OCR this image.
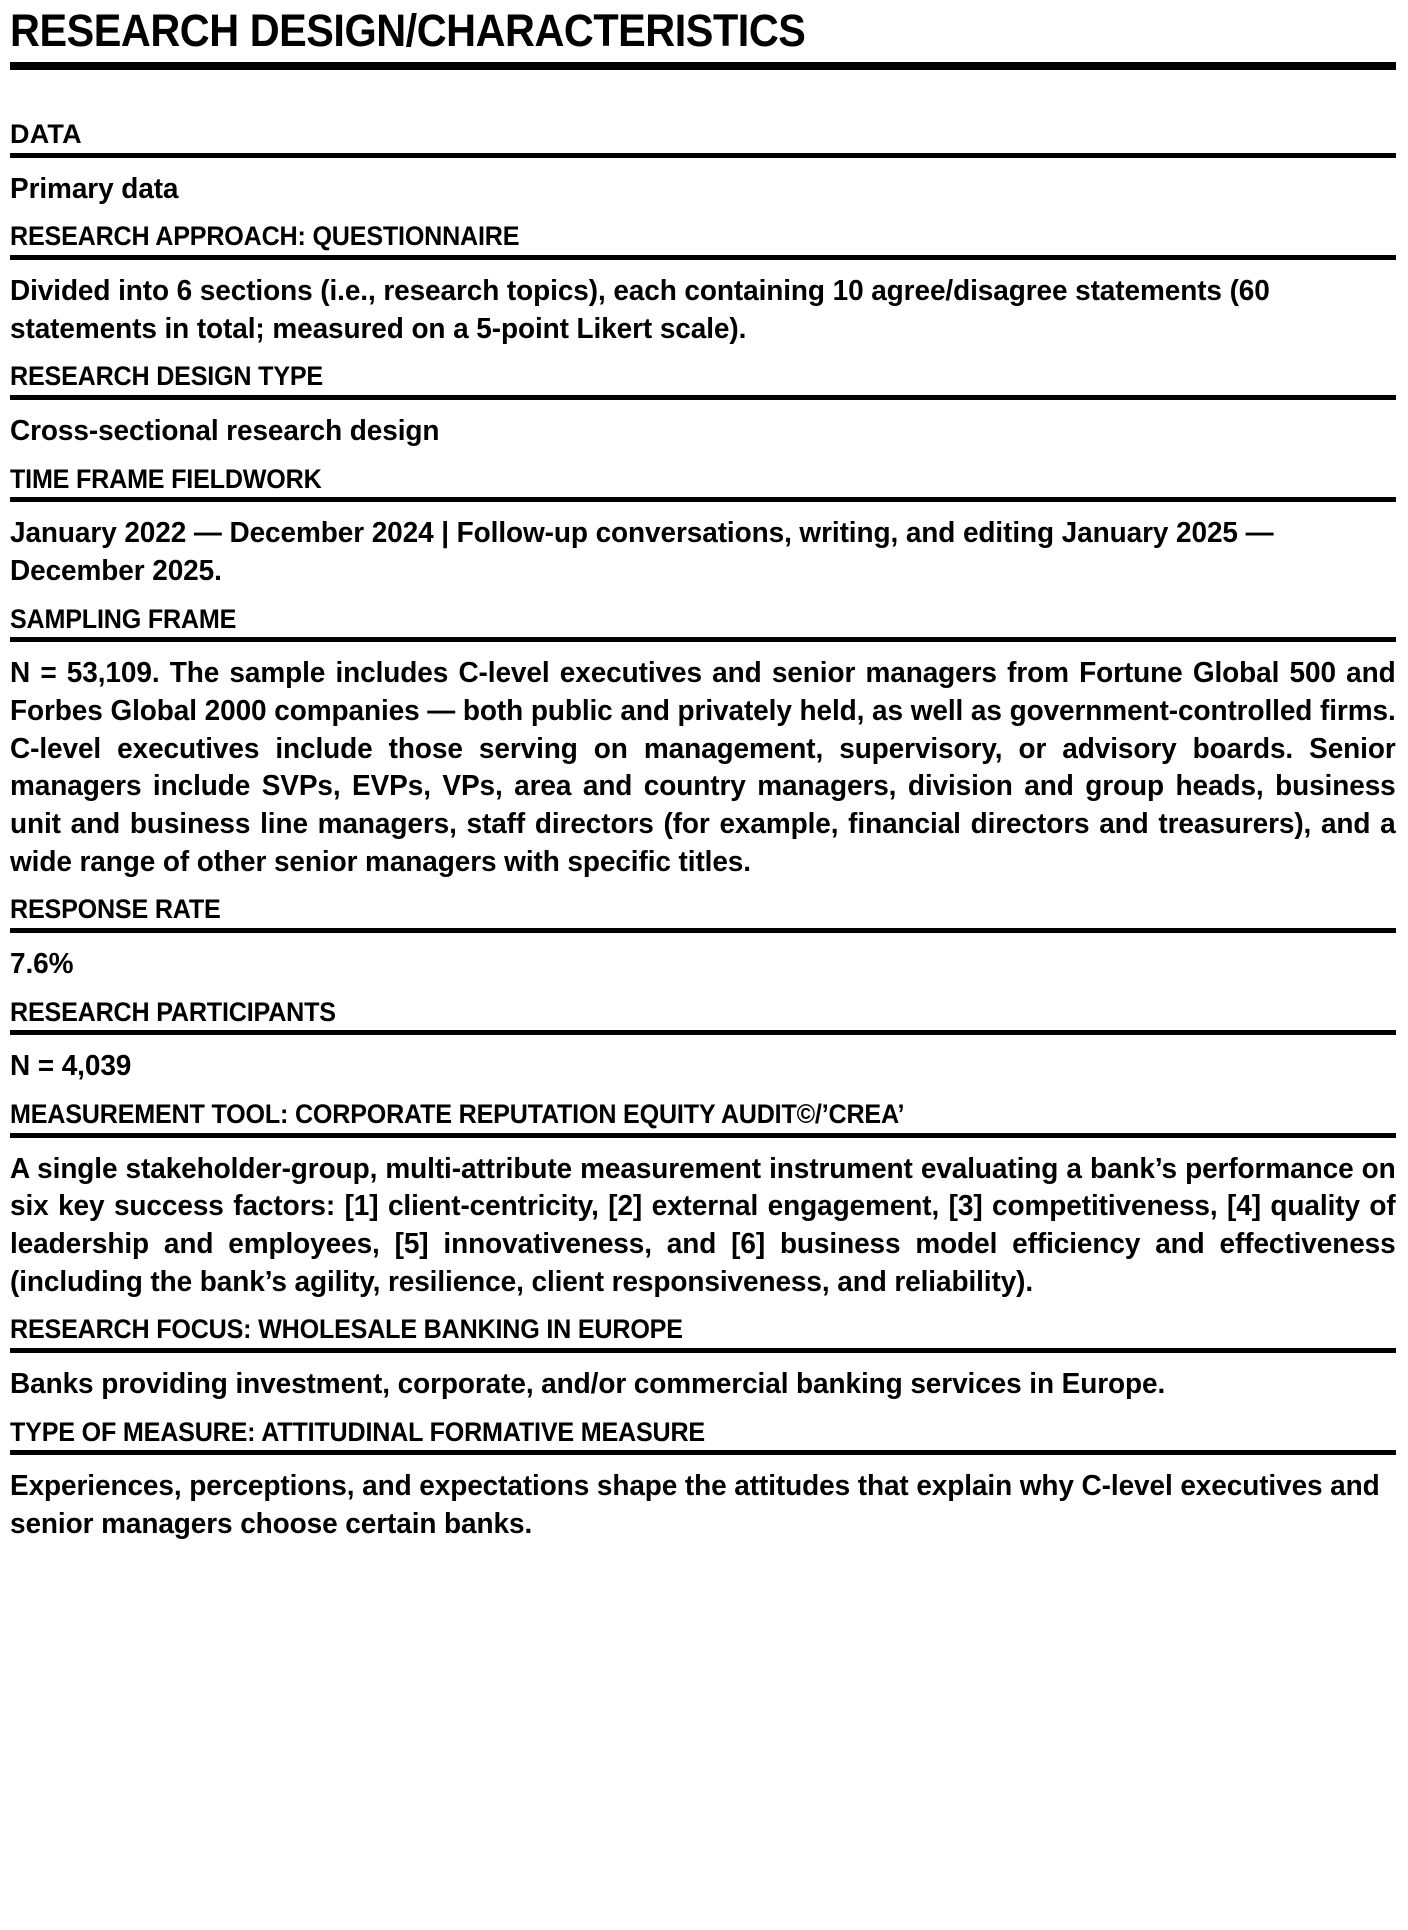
RESEARCH DESIGN/CHARACTERISTICS
DATA
Primary data
RESEARCH APPROACH: QUESTIONNAIRE
Divided into 6 sections (i.e., research topics), each containing 10 agree/disagree statements (60 statements in total; measured on a 5-point Likert scale).
RESEARCH DESIGN TYPE
Cross-sectional research design
TIME FRAME FIELDWORK
January 2022 — December 2024 | Follow-up conversations, writing, and editing January 2025 — December 2025.
SAMPLING FRAME
N = 53,109. The sample includes C-level executives and senior managers from Fortune Global 500 and Forbes Global 2000 companies — both public and privately held, as well as government-controlled firms. C-level executives include those serving on management, supervisory, or advisory boards. Senior managers include SVPs, EVPs, VPs, area and country managers, division and group heads, business unit and business line managers, staff directors (for example, financial directors and treasurers), and a wide range of other senior managers with specific titles.
RESPONSE RATE
7.6%
RESEARCH PARTICIPANTS
N = 4,039
MEASUREMENT TOOL: CORPORATE REPUTATION EQUITY AUDIT©/’CREA’
A single stakeholder-group, multi-attribute measurement instrument evaluating a bank’s performance on six key success factors: [1] client-centricity, [2] external engagement, [3] competitiveness, [4] quality of leadership and employees, [5] innovativeness, and [6] business model efficiency and effectiveness (including the bank’s agility, resilience, client responsiveness, and reliability).
RESEARCH FOCUS: WHOLESALE BANKING IN EUROPE
Banks providing investment, corporate, and/or commercial banking services in Europe.
TYPE OF MEASURE: ATTITUDINAL FORMATIVE MEASURE
Experiences, perceptions, and expectations shape the attitudes that explain why C-level executives and senior managers choose certain banks.
